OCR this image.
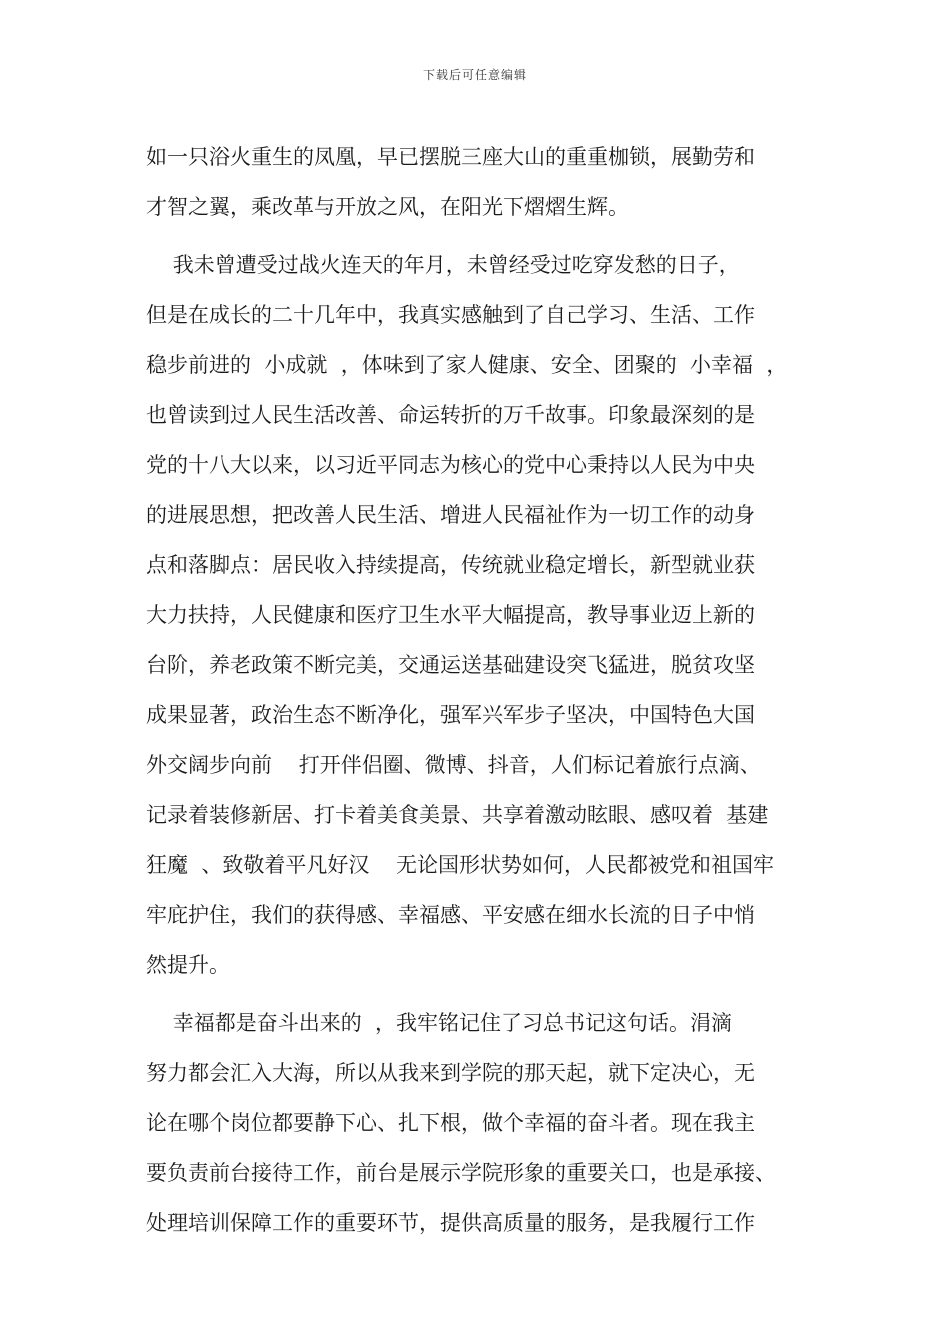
下载后可任意编辑
如一只浴火重生的凤凰，早已摆脱三座大山的重重枷锁，展勤劳和
才智之翼，乘改革与开放之风，在阳光下熠熠生辉。
我未曾遭受过战火连天的年月，未曾经受过吃穿发愁的日子，
但是在成长的二十几年中，我真实感触到了自己学习、生活、工作
稳步前进的  小成就  ，体味到了家人健康、安全、团聚的  小幸福  ，
也曾读到过人民生活改善、命运转折的万千故事。印象最深刻的是
党的十八大以来，以习近平同志为核心的党中心秉持以人民为中央
的进展思想，把改善人民生活、增进人民福祉作为一切工作的动身
点和落脚点：居民收入持续提高，传统就业稳定增长，新型就业获
大力扶持，人民健康和医疗卫生水平大幅提高，教导事业迈上新的
台阶，养老政策不断完美，交通运送基础建设突飞猛进，脱贫攻坚
成果显著，政治生态不断净化，强军兴军步子坚决，中国特色大国
外交阔步向前    打开伴侣圈、微博、抖音，人们标记着旅行点滴、
记录着装修新居、打卡着美食美景、共享着激动眩眼、感叹着  基建
狂魔  、致敬着平凡好汉    无论国形状势如何，人民都被党和祖国牢
牢庇护住，我们的获得感、幸福感、平安感在细水长流的日子中悄
然提升。
幸福都是奋斗出来的  ，我牢铭记住了习总书记这句话。涓滴
努力都会汇入大海，所以从我来到学院的那天起，就下定决心，无
论在哪个岗位都要静下心、扎下根，做个幸福的奋斗者。现在我主
要负责前台接待工作，前台是展示学院形象的重要关口，也是承接、
处理培训保障工作的重要环节，提供高质量的服务，是我履行工作
